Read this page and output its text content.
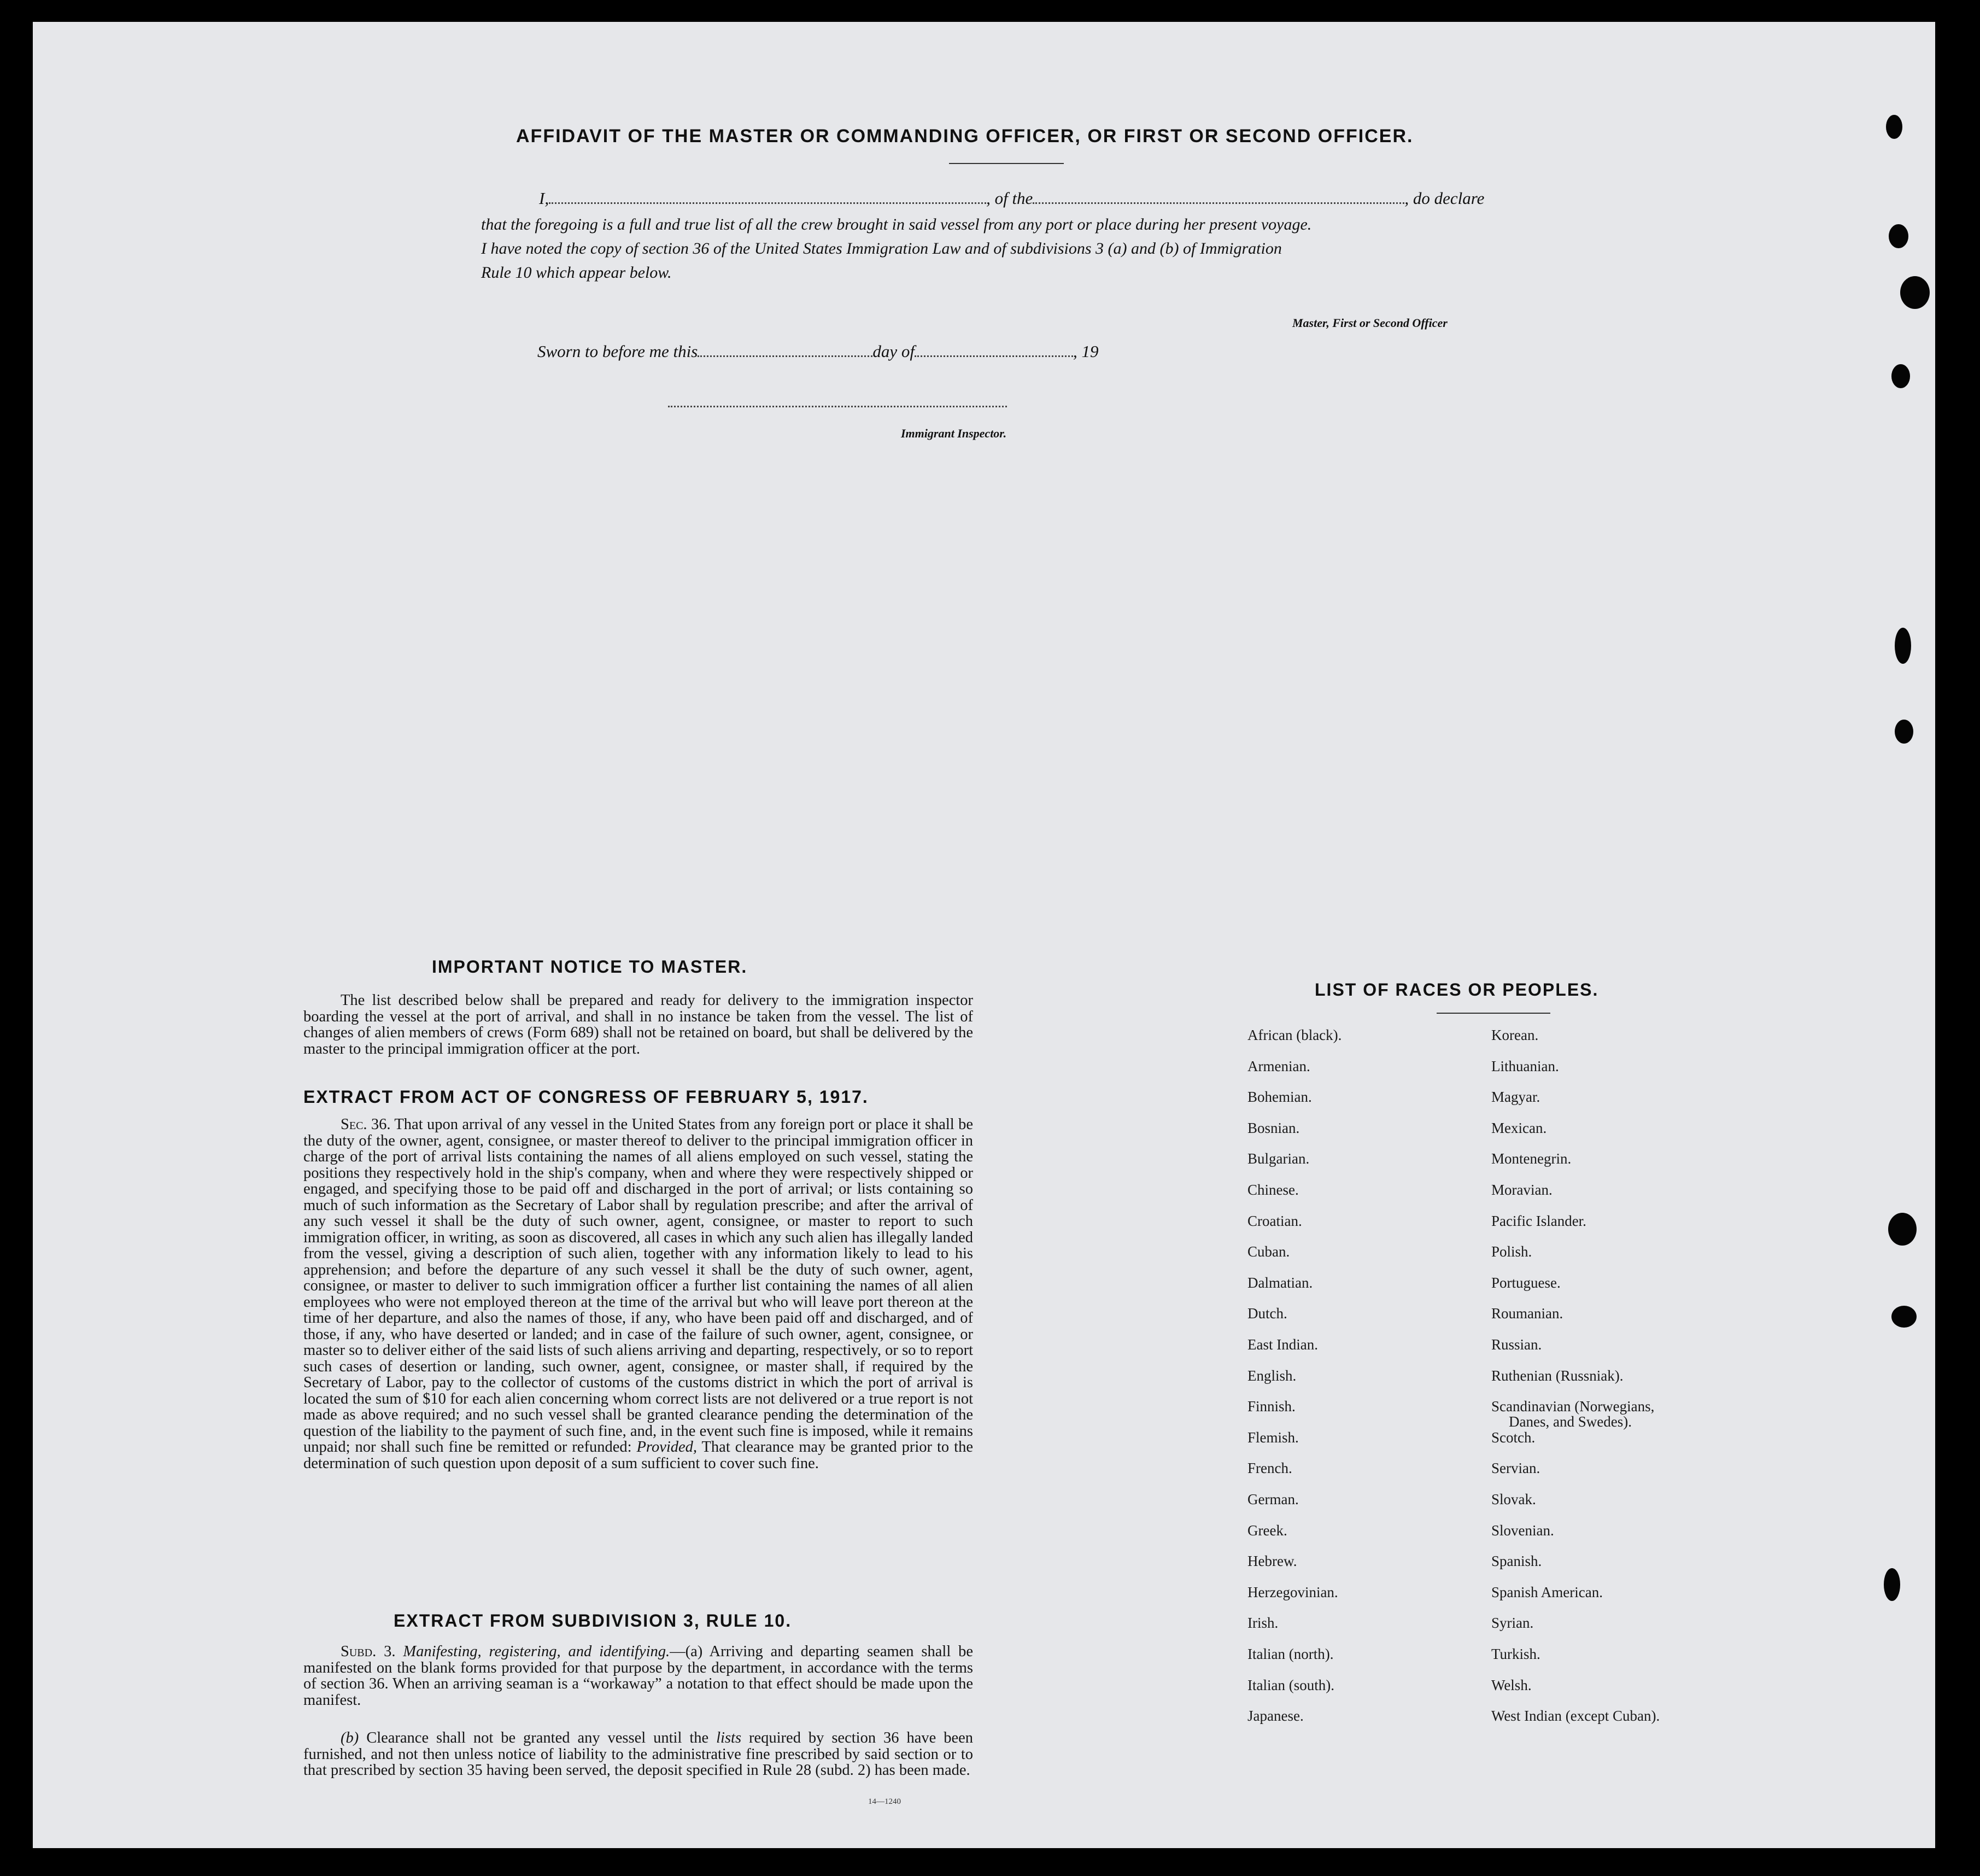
AFFIDAVIT OF THE MASTER OR COMMANDING OFFICER, OR FIRST OR SECOND OFFICER.
I,	, of the	, do declare
that the foregoing is a full and true list of all the crew brought in said vessel from any port or place during her present voyage.
I have noted the copy of section 36 of the United States Immigration Law and of subdivisions 3 (a) and (b) of Immigration
Rule 10 which appear below.
Master, First or Second Officer
Sworn to before me this	day of	, 19
Immigrant Inspector.
IMPORTANT NOTICE TO MASTER.
The list described below shall be prepared and ready for delivery to the immigration inspector boarding the vessel at the port of arrival, and shall in no instance be taken from the vessel. The list of changes of alien members of crews (Form 689) shall not be retained on board, but shall be delivered by the master to the principal immigration officer at the port.
EXTRACT FROM ACT OF CONGRESS OF FEBRUARY 5, 1917.
Sec. 36. That upon arrival of any vessel in the United States from any foreign port or place it shall be the duty of the owner, agent, consignee, or master thereof to deliver to the principal immigration officer in charge of the port of arrival lists containing the names of all aliens employed on such vessel, stating the positions they respectively hold in the ship's company, when and where they were respectively shipped or engaged, and specifying those to be paid off and discharged in the port of arrival; or lists containing so much of such information as the Secretary of Labor shall by regulation prescribe; and after the arrival of any such vessel it shall be the duty of such owner, agent, consignee, or master to report to such immigration officer, in writing, as soon as discovered, all cases in which any such alien has illegally landed from the vessel, giving a description of such alien, together with any information likely to lead to his apprehension; and before the departure of any such vessel it shall be the duty of such owner, agent, consignee, or master to deliver to such immigration officer a further list containing the names of all alien employees who were not employed thereon at the time of the arrival but who will leave port thereon at the time of her departure, and also the names of those, if any, who have been paid off and discharged, and of those, if any, who have deserted or landed; and in case of the failure of such owner, agent, consignee, or master so to deliver either of the said lists of such aliens arriving and departing, respectively, or so to report such cases of desertion or landing, such owner, agent, consignee, or master shall, if required by the Secretary of Labor, pay to the collector of customs of the customs district in which the port of arrival is located the sum of $10 for each alien concerning whom correct lists are not delivered or a true report is not made as above required; and no such vessel shall be granted clearance pending the determination of the question of the liability to the payment of such fine, and, in the event such fine is imposed, while it remains unpaid; nor shall such fine be remitted or refunded: Provided, That clearance may be granted prior to the determination of such question upon deposit of a sum sufficient to cover such fine.
EXTRACT FROM SUBDIVISION 3, RULE 10.
Subd. 3. Manifesting, registering, and identifying.—(a) Arriving and departing seamen shall be manifested on the blank forms provided for that purpose by the department, in accordance with the terms of section 36. When an arriving seaman is a “workaway” a notation to that effect should be made upon the manifest.
(b) Clearance shall not be granted any vessel until the lists required by section 36 have been furnished, and not then unless notice of liability to the administrative fine prescribed by said section or to that prescribed by section 35 having been served, the deposit specified in Rule 28 (subd. 2) has been made.
14—1240
LIST OF RACES OR PEOPLES.
African (black).
Armenian.
Bohemian.
Bosnian.
Bulgarian.
Chinese.
Croatian.
Cuban.
Dalmatian.
Dutch.
East Indian.
English.
Finnish.
Flemish.
French.
German.
Greek.
Hebrew.
Herzegovinian.
Irish.
Italian (north).
Italian (south).
Japanese.
Korean.
Lithuanian.
Magyar.
Mexican.
Montenegrin.
Moravian.
Pacific Islander.
Polish.
Portuguese.
Roumanian.
Russian.
Ruthenian (Russniak).
Scandinavian (Norwegians,
Danes, and Swedes).
Scotch.
Servian.
Slovak.
Slovenian.
Spanish.
Spanish American.
Syrian.
Turkish.
Welsh.
West Indian (except Cuban).
